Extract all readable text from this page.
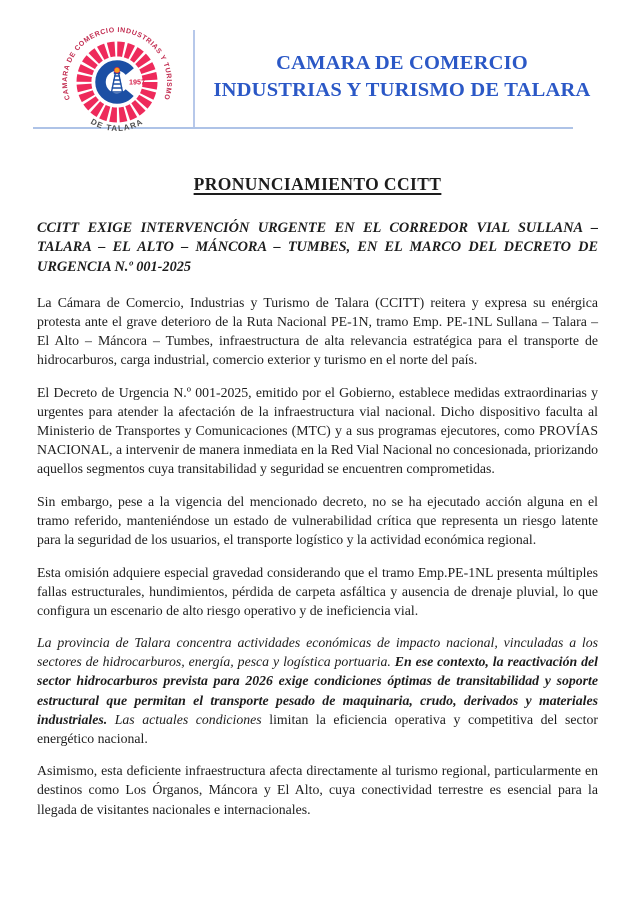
1957
CAMARA DE COMERCIO INDUSTRIAS Y TURISMO
DE TALARA
CAMARA DE COMERCIO
INDUSTRIAS Y TURISMO DE TALARA
PRONUNCIAMIENTO CCITT

CCITT EXIGE INTERVENCIÓN URGENTE EN EL CORREDOR VIAL SULLANA – TALARA – EL ALTO – MÁNCORA – TUMBES, EN EL MARCO DEL DECRETO DE URGENCIA N.º 001-2025

La Cámara de Comercio, Industrias y Turismo de Talara (CCITT) reitera y expresa su enérgica protesta ante el grave deterioro de la Ruta Nacional PE-1N, tramo Emp. PE-1NL Sullana – Talara – El Alto – Máncora – Tumbes, infraestructura de alta relevancia estratégica para el transporte de hidrocarburos, carga industrial, comercio exterior y turismo en el norte del país.

El Decreto de Urgencia N.º 001-2025, emitido por el Gobierno, establece medidas extraordinarias y urgentes para atender la afectación de la infraestructura vial nacional. Dicho dispositivo faculta al Ministerio de Transportes y Comunicaciones (MTC) y a sus programas ejecutores, como PROVÍAS NACIONAL, a intervenir de manera inmediata en la Red Vial Nacional no concesionada, priorizando aquellos segmentos cuya transitabilidad y seguridad se encuentren comprometidas.

Sin embargo, pese a la vigencia del mencionado decreto, no se ha ejecutado acción alguna en el tramo referido, manteniéndose un estado de vulnerabilidad crítica que representa un riesgo latente para la seguridad de los usuarios, el transporte logístico y la actividad económica regional.

Esta omisión adquiere especial gravedad considerando que el tramo Emp.PE-1NL presenta múltiples fallas estructurales, hundimientos, pérdida de carpeta asfáltica y ausencia de drenaje pluvial, lo que configura un escenario de alto riesgo operativo y de ineficiencia vial.

La provincia de Talara concentra actividades económicas de impacto nacional, vinculadas a los sectores de hidrocarburos, energía, pesca y logística portuaria. En ese contexto, la reactivación del sector hidrocarburos prevista para 2026 exige condiciones óptimas de transitabilidad y soporte estructural que permitan el transporte pesado de maquinaria, crudo, derivados y materiales industriales. Las actuales condiciones limitan la eficiencia operativa y competitiva del sector energético nacional.

Asimismo, esta deficiente infraestructura afecta directamente al turismo regional, particularmente en destinos como Los Órganos, Máncora y El Alto, cuya conectividad terrestre es esencial para la llegada de visitantes nacionales e internacionales.
